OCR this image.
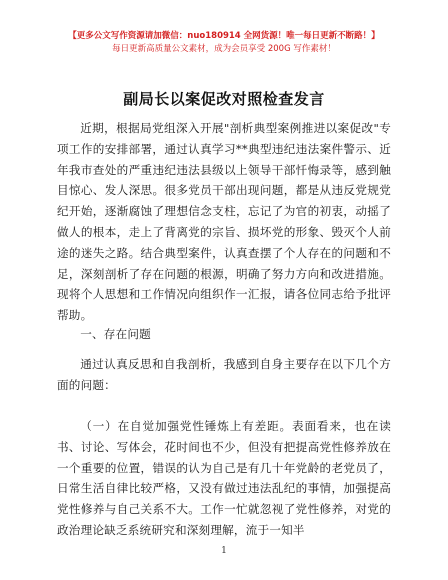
【更多公文写作资源请加微信：nuo180914 全网货源！唯一每日更新不断路！】
每日更新高质量公文素材，成为会员享受 200G 写作素材！
副局长以案促改对照检查发言

近期，根据局党组深入开展"剖析典型案例推进以案促改"专项工作的安排部署，通过认真学习**典型违纪违法案件警示、近年我市查处的严重违纪违法县级以上领导干部忏悔录等，感到触目惊心、发人深思。很多党员干部出现问题，都是从违反党规党纪开始，逐渐腐蚀了理想信念支柱，忘记了为官的初衷，动摇了做人的根本，走上了背离党的宗旨、损坏党的形象、毁灭个人前途的迷失之路。结合典型案件，认真查摆了个人存在的问题和不足，深刻剖析了存在问题的根源，明确了努力方向和改进措施。现将个人思想和工作情况向组织作一汇报，请各位同志给予批评帮助。

一、存在问题

通过认真反思和自我剖析，我感到自身主要存在以下几个方面的问题：

（一）在自觉加强党性锤炼上有差距。表面看来，也在读书、讨论、写体会，花时间也不少，但没有把提高党性修养放在一个重要的位置，错误的认为自己是有几十年党龄的老党员了，日常生活自律比较严格，又没有做过违法乱纪的事情，加强提高党性修养与自己关系不大。工作一忙就忽视了党性修养，对党的政治理论缺乏系统研究和深刻理解，流于一知半

1
